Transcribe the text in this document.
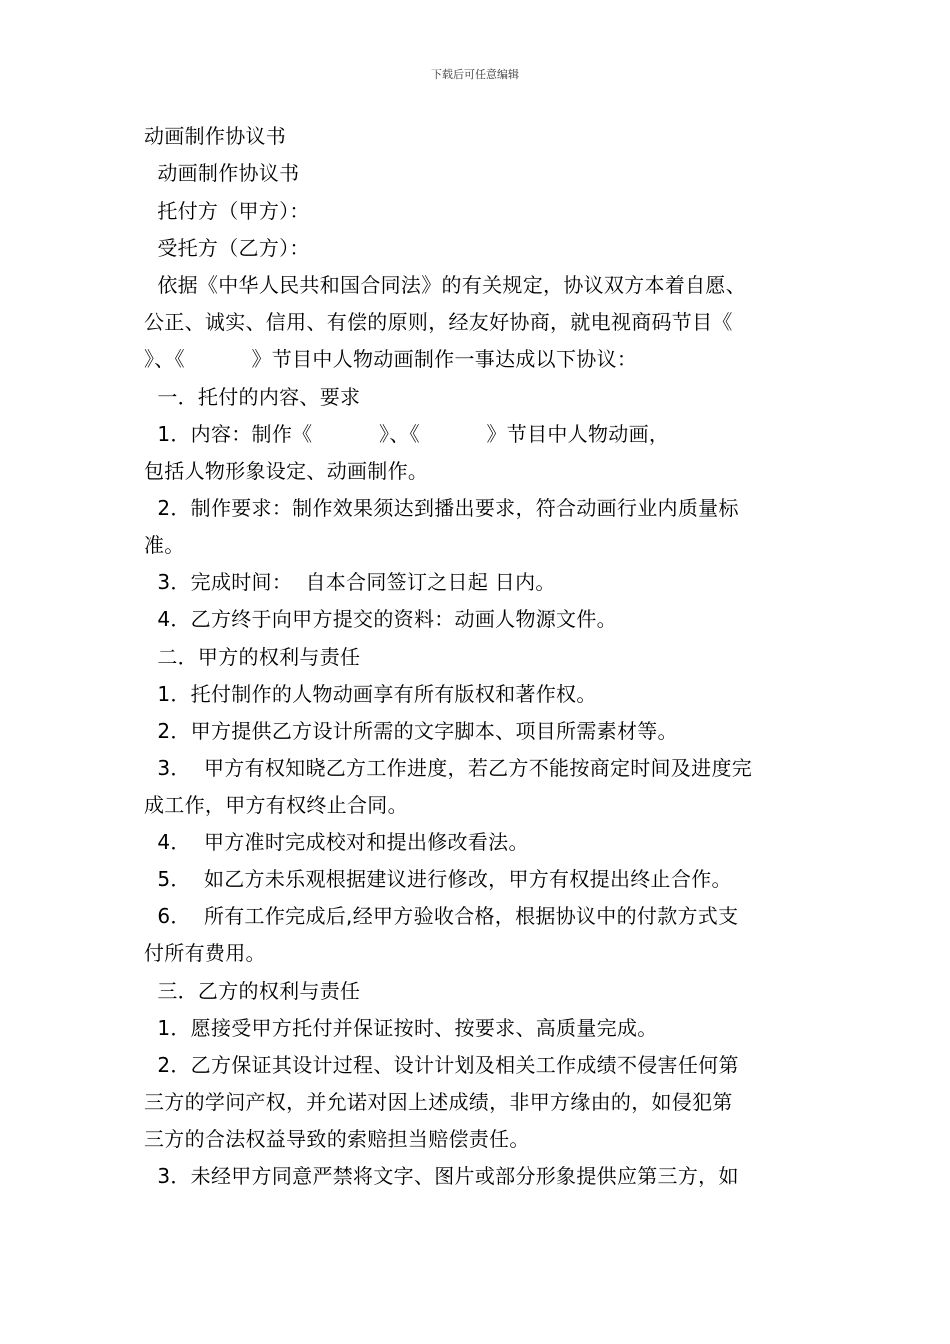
下载后可任意编辑
动画制作协议书
动画制作协议书
托付方（甲方）：
受托方（乙方）：
依据《中华人民共和国合同法》的有关规定，协议双方本着自愿、
公正、诚实、信用、有偿的原则，经友好协商，就电视商码节目《
》、《          》节目中人物动画制作一事达成以下协议：
一．托付的内容、要求
1．内容：制作《          》、《          》节目中人物动画，
包括人物形象设定、动画制作。
2．制作要求：制作效果须达到播出要求，符合动画行业内质量标
准。
3．完成时间：  自本合同签订之日起 日内。
4．乙方终于向甲方提交的资料：动画人物源文件。
二．甲方的权利与责任
1．托付制作的人物动画享有所有版权和著作权。
2．甲方提供乙方设计所需的文字脚本、项目所需素材等。
3．  甲方有权知晓乙方工作进度，若乙方不能按商定时间及进度完
成工作，甲方有权终止合同。
4．  甲方准时完成校对和提出修改看法。
5．  如乙方未乐观根据建议进行修改，甲方有权提出终止合作。
6．  所有工作完成后,经甲方验收合格，根据协议中的付款方式支
付所有费用。
三．乙方的权利与责任
1．愿接受甲方托付并保证按时、按要求、高质量完成。
2．乙方保证其设计过程、设计计划及相关工作成绩不侵害任何第
三方的学问产权，并允诺对因上述成绩，非甲方缘由的，如侵犯第
三方的合法权益导致的索赔担当赔偿责任。
3．未经甲方同意严禁将文字、图片或部分形象提供应第三方，如
